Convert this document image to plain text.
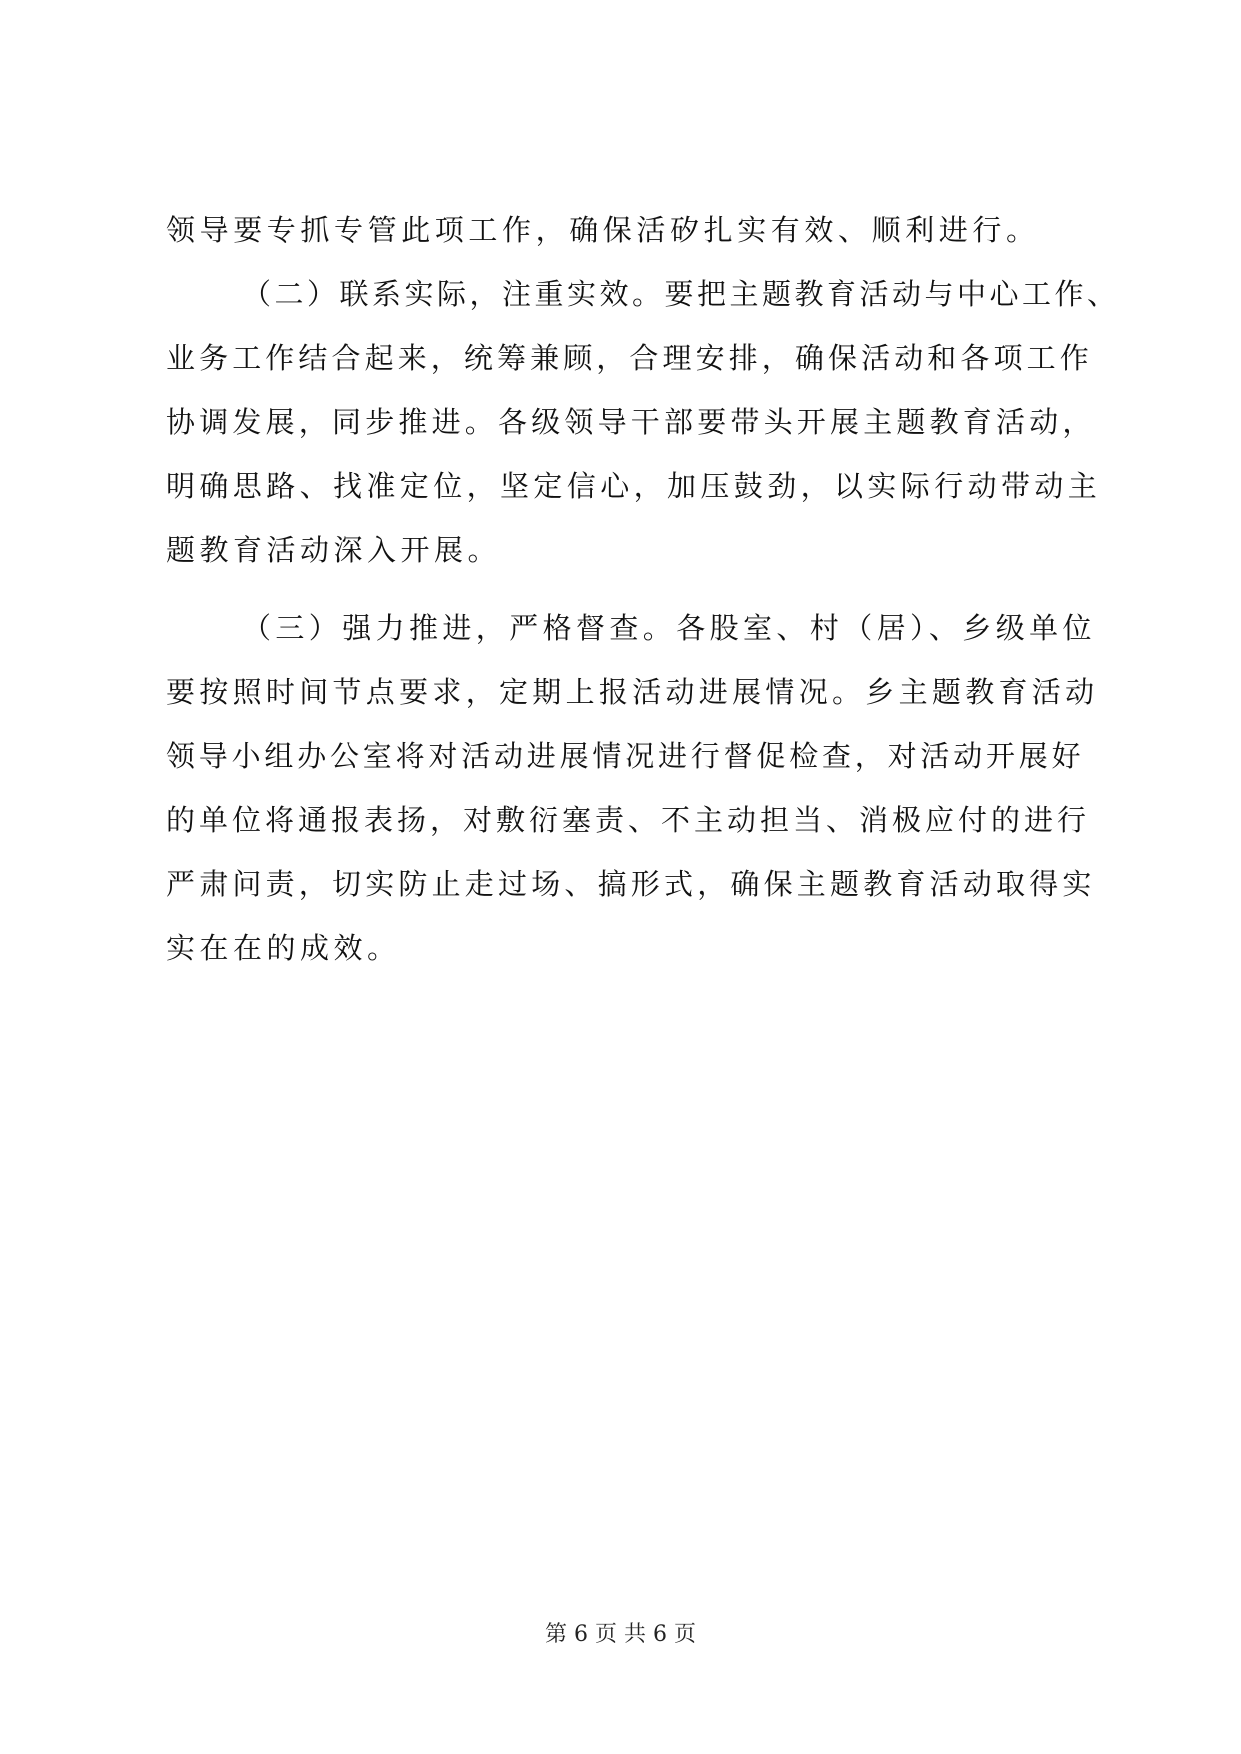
领导要专抓专管此项工作，确保活矽扎实有效、顺利进行。
（二）联系实际，注重实效。要把主题教育活动与中心工作、
业务工作结合起来，统筹兼顾，合理安排，确保活动和各项工作
协调发展，同步推进。各级领导干部要带头开展主题教育活动，
明确思路、找准定位，坚定信心，加压鼓劲，以实际行动带动主
题教育活动深入开展。
（三）强力推进，严格督查。各股室、村（居）、乡级单位
要按照时间节点要求，定期上报活动进展情况。乡主题教育活动
领导小组办公室将对活动进展情况进行督促检查，对活动开展好
的单位将通报表扬，对敷衍塞责、不主动担当、消极应付的进行
严肃问责，切实防止走过场、搞形式，确保主题教育活动取得实
实在在的成效。
第 6 页 共 6 页
